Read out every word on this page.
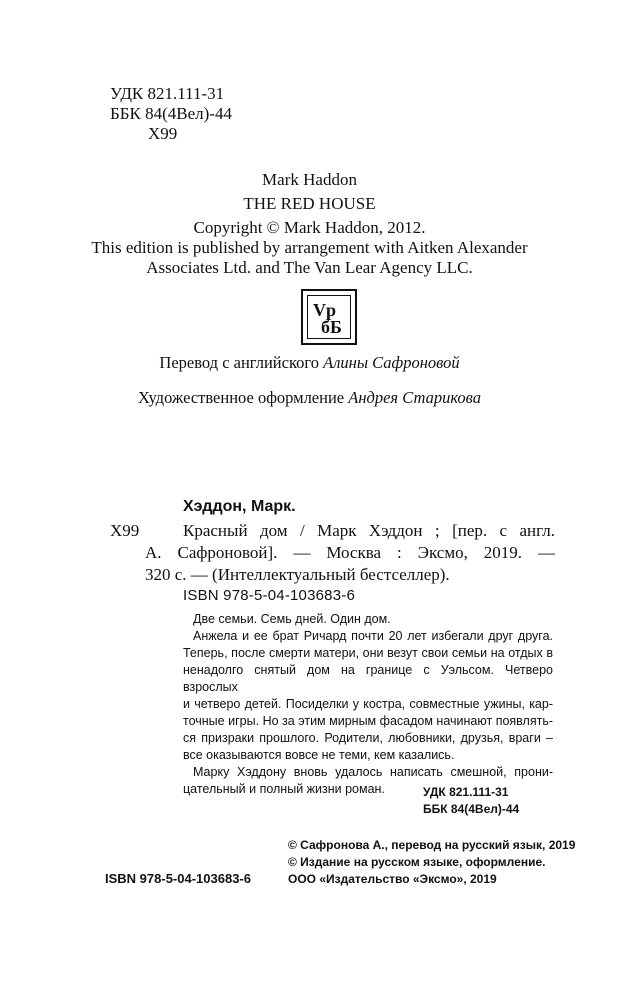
УДК 821.111-31
ББК 84(4Вел)-44
Х99
Mark Haddon
THE RED HOUSE
Copyright © Mark Haddon, 2012.
This edition is published by arrangement with Aitken Alexander
Associates Ltd. and The Van Lear Agency LLC.
Vр
бБ
Перевод с английского Алины Сафроновой
Художественное оформление Андрея Старикова
Хэддон, Марк.
Х99	Красный дом / Марк Хэддон ; [пер. с англ.
А. Сафроновой]. — Москва : Эксмо, 2019. —
320 с. — (Интеллектуальный бестселлер).
ISBN 978-5-04-103683-6
Две семьи. Семь дней. Один дом.
Анжела и ее брат Ричард почти 20 лет избегали друг друга.
Теперь, после смерти матери, они везут свои семьи на отдых в
ненадолго снятый дом на границе с Уэльсом. Четверо взрослых
и четверо детей. Посиделки у костра, совместные ужины, кар-
точные игры. Но за этим мирным фасадом начинают появлять-
ся призраки прошлого. Родители, любовники, друзья, враги –
все оказываются вовсе не теми, кем казались.
Марку Хэддону вновь удалось написать смешной, прони-
цательный и полный жизни роман.	УДК 821.111-31
ББК 84(4Вел)-44
© Сафронова А., перевод на русский язык, 2019
© Издание на русском языке, оформление.
ООО «Издательство «Эксмо», 2019
ISBN 978-5-04-103683-6
